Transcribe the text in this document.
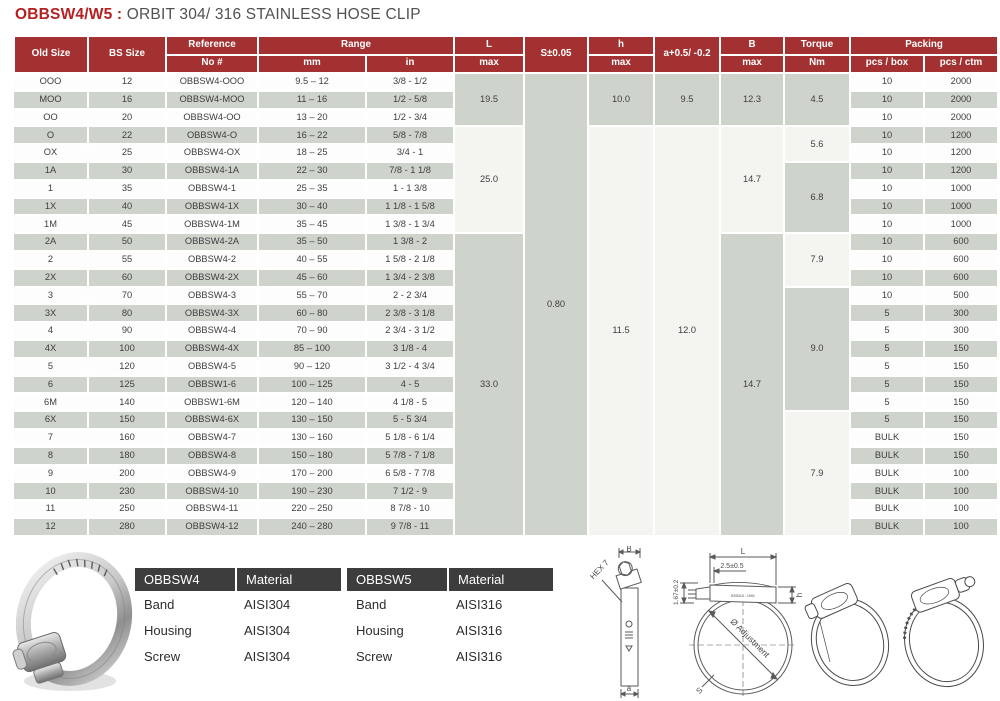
OBBSW4/W5 : ORBIT 304/ 316 STAINLESS HOSE CLIP
Old Size	BS Size	Reference	Range		L	S±0.05	h	a+0.5/ -0.2	B	Torque	Packing	
		No #	mm	in	max		max		max	Nm	pcs / box	pcs / ctm
OOO	12	OBBSW4-OOO	9.5 – 12	3/8 - 1/2	19.5	0.80	10.0	9.5	12.3	4.5	10	2000
MOO	16	OBBSW4-MOO	11 – 16	1/2 - 5/8							10	2000
OO	20	OBBSW4-OO	13 – 20	1/2 - 3/4							10	2000
O	22	OBBSW4-O	16 – 22	5/8 - 7/8	25.0		11.5	12.0	14.7	5.6	10	1200
OX	25	OBBSW4-OX	18 – 25	3/4 - 1							10	1200
1A	30	OBBSW4-1A	22 – 30	7/8 - 1 1/8						6.8	10	1200
1	35	OBBSW4-1	25 – 35	1 - 1 3/8							10	1000
1X	40	OBBSW4-1X	30 – 40	1 1/8 - 1 5/8							10	1000
1M	45	OBBSW4-1M	35 – 45	1 3/8 - 1 3/4							10	1000
2A	50	OBBSW4-2A	35 – 50	1 3/8 - 2	33.0				14.7	7.9	10	600
2	55	OBBSW4-2	40 – 55	1 5/8 - 2 1/8							10	600
2X	60	OBBSW4-2X	45 – 60	1 3/4 - 2 3/8							10	600
3	70	OBBSW4-3	55 – 70	2 - 2 3/4						9.0	10	500
3X	80	OBBSW4-3X	60 – 80	2 3/8 - 3 1/8							5	300
4	90	OBBSW4-4	70 – 90	2 3/4 - 3 1/2							5	300
4X	100	OBBSW4-4X	85 – 100	3 1/8 - 4							5	150
5	120	OBBSW4-5	90 – 120	3 1/2 - 4 3/4							5	150
6	125	OBBSW1-6	100 – 125	4 - 5							5	150
6M	140	OBBSW1-6M	120 – 140	4 1/8 - 5							5	150
6X	150	OBBSW4-6X	130 – 150	5 - 5 3/4						7.9	5	150
7	160	OBBSW4-7	130 – 160	5 1/8 - 6 1/4							BULK	150
8	180	OBBSW4-8	150 – 180	5 7/8 - 7 1/8							BULK	150
9	200	OBBSW4-9	170 – 200	6 5/8 - 7 7/8							BULK	100
10	230	OBBSW4-10	190 – 230	7 1/2 - 9							BULK	100
11	250	OBBSW4-11	220 – 250	8 7/8 - 10							BULK	100
12	280	OBBSW4-12	240 – 280	9 7/8 - 11							BULK	100
OBBSW4	Material
Band	AISI304
Housing	AISI304
Screw	AISI304
OBBSW5	Material
Band	AISI316
Housing	AISI316
Screw	AISI316
B
a
HEX 7
L
2.5±0.5
1.67±0.2	h
Ø Adjustment
S
BS5315 : 1991
